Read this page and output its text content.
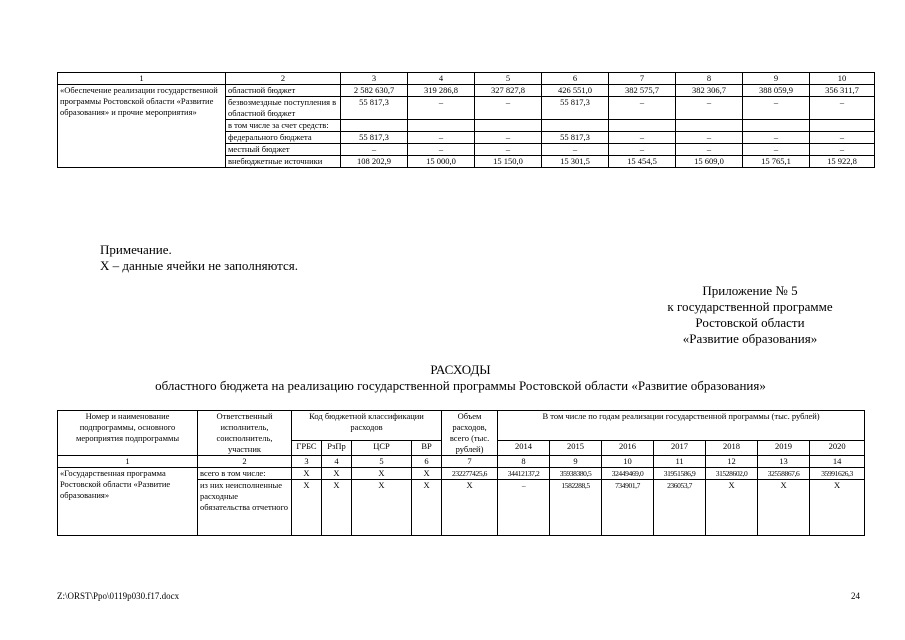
1	2	3	4	5	6	7	8	9	10
«Обеспечение реализации государственной программы Ростовской области «Развитие образования» и прочие мероприятия»	областной бюджет	2 582 630,7	319 286,8	327 827,8	426 551,0	382 575,7	382 306,7	388 059,9	356 311,7
	безвозмездные поступления в областной бюджет	55 817,3	–	–	55 817,3	–	–	–	–
	в том числе за счет средств:								
	федерального бюджета	55 817,3	–	–	55 817,3	–	–	–	–
	местный бюджет	–	–	–	–	–	–	–	–
	внебюджетные источники	108 202,9	15 000,0	15 150,0	15 301,5	15 454,5	15 609,0	15 765,1	15 922,8
Примечание.
Х – данные ячейки не заполняются.
Приложение № 5
к государственной программе
Ростовской области
«Развитие образования»
РАСХОДЫ
областного бюджета на реализацию государственной программы Ростовской области «Развитие образования»
Номер и наименование подпрограммы, основного мероприятия подпрограммы	Ответственный исполнитель, соисполнитель, участник	Код бюджетной классификации расходов				Объем расходов, всего (тыс. рублей)	В том числе по годам реализации государственной программы (тыс. рублей)						
		ГРБС	РзПр	ЦСР	ВР		2014	2015	2016	2017	2018	2019	2020
1	2	3	4	5	6	7	8	9	10	11	12	13	14
«Государственная программа Ростовской области «Развитие образования»	всего в том числе:	Х	Х	Х	Х	232277425,6	34412137,2	35938380,5	32449469,0	31951586,9	31528602,0	32558867,6	35991626,3
	из них неисполненные расходные обязательства отчетного	Х	Х	Х	Х	Х	–	1582288,5	734901,7	236053,7	Х	Х	Х
Z:\ORST\Ppo\0119p030.f17.docx	24
